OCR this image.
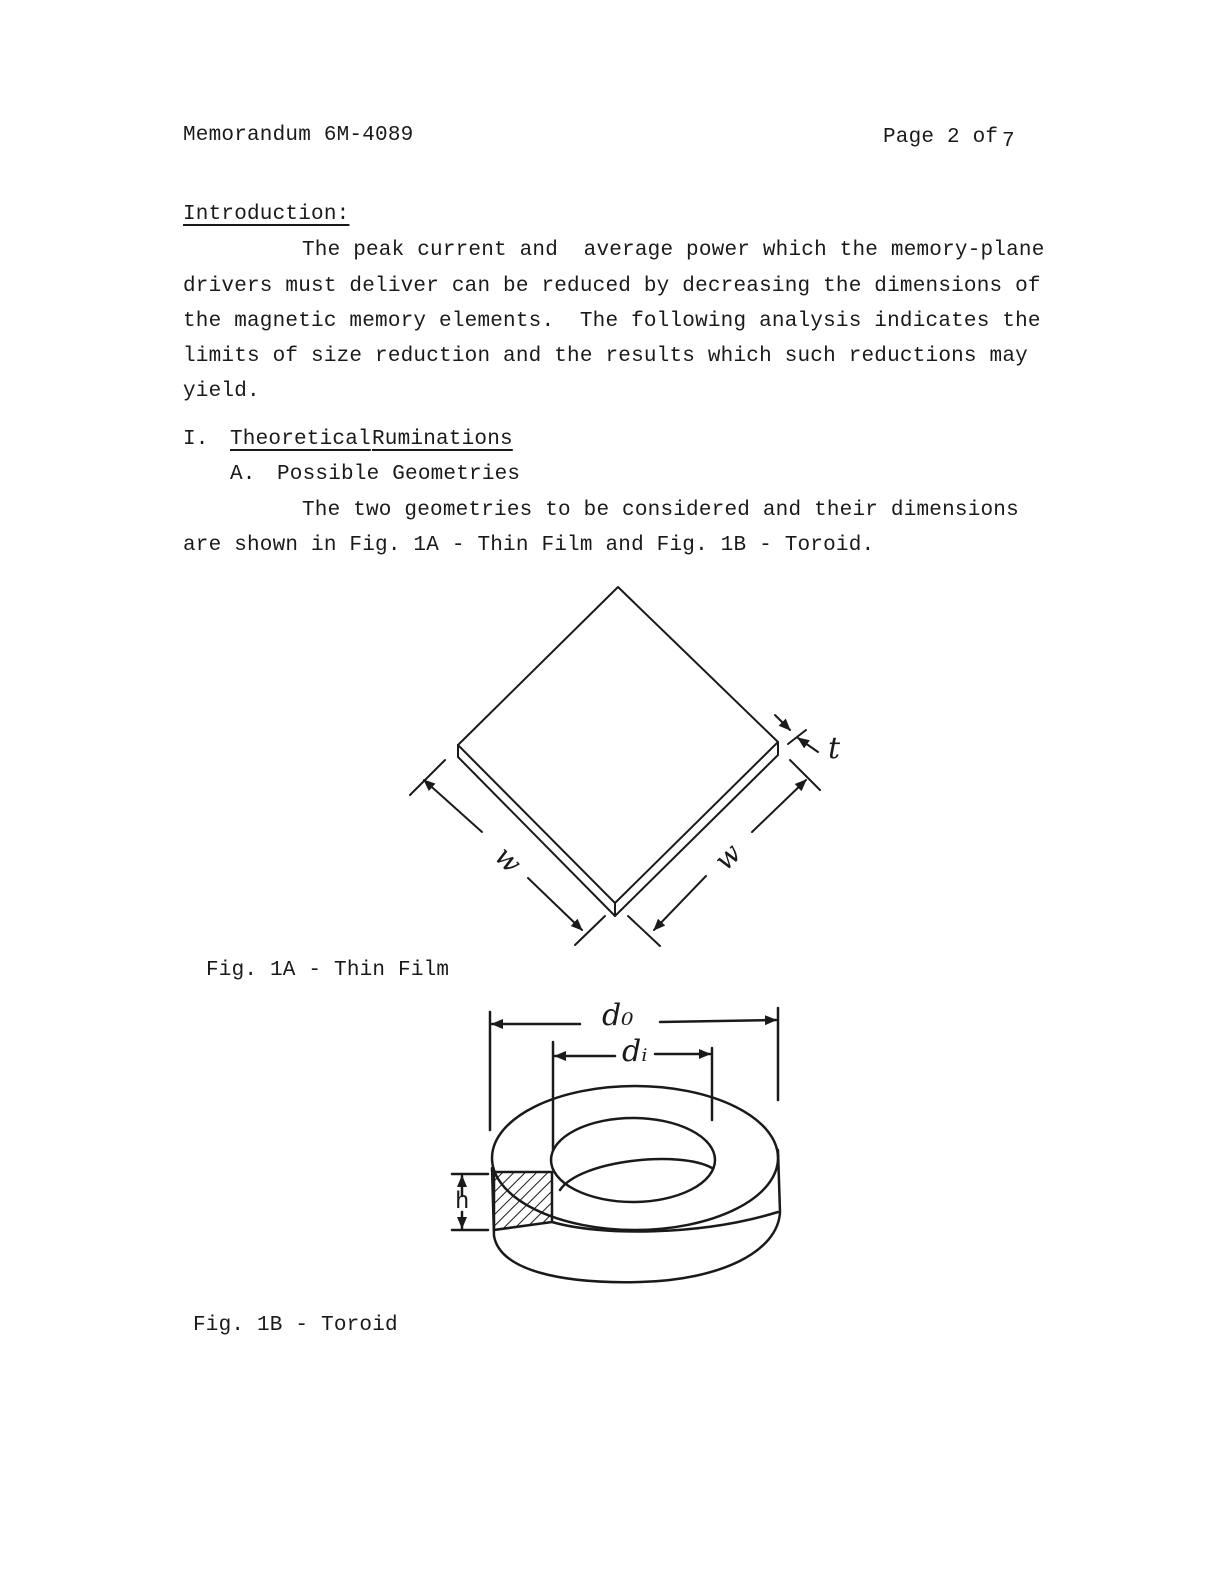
Memorandum 6M-4089	Page 2 of 7
Introduction:
The peak current and  average power which the memory-plane
drivers must deliver can be reduced by decreasing the dimensions of
the magnetic memory elements.  The following analysis indicates the
limits of size reduction and the results which such reductions may
yield.
I. Theoretical Ruminations
A. Possible Geometries
The two geometries to be considered and their dimensions
are shown in Fig. 1A - Thin Film and Fig. 1B - Toroid.
t
w	w
Fig. 1A - Thin Film
d₀
dᵢ
h
Fig. 1B - Toroid
